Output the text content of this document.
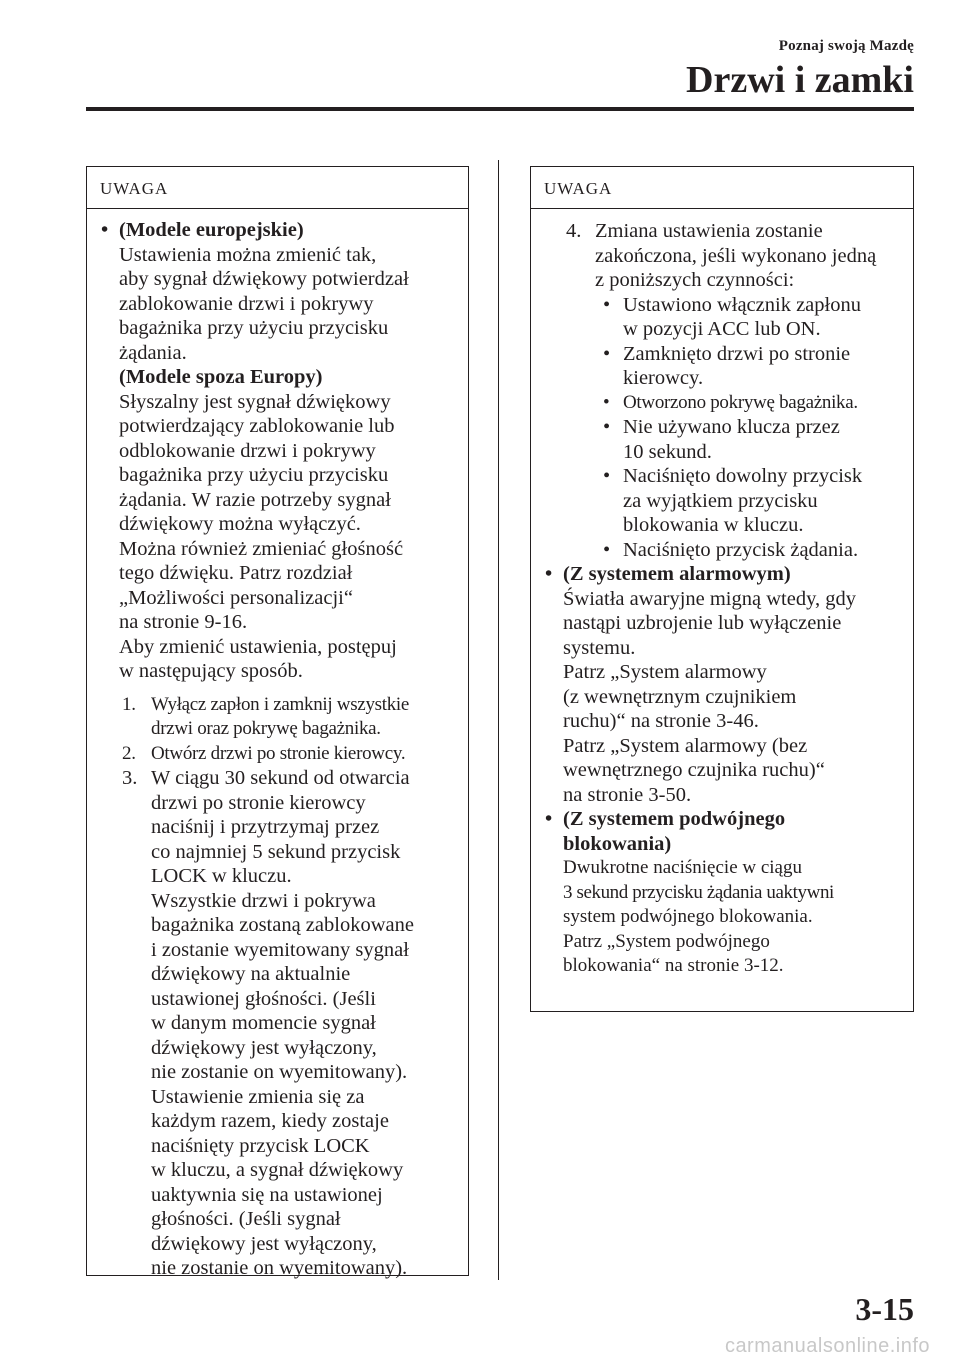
Poznaj swoją Mazdę
Drzwi i zamki
UWAGA
• (Modele europejskie)
Ustawienia można zmienić tak,
aby sygnał dźwiękowy potwierdzał
zablokowanie drzwi i pokrywy
bagażnika przy użyciu przycisku
żądania.
(Modele spoza Europy)
Słyszalny jest sygnał dźwiękowy
potwierdzający zablokowanie lub
odblokowanie drzwi i pokrywy
bagażnika przy użyciu przycisku
żądania. W razie potrzeby sygnał
dźwiękowy można wyłączyć.
Można również zmieniać głośność
tego dźwięku. Patrz rozdział
„Możliwości personalizacji“
na stronie 9-16.
Aby zmienić ustawienia, postępuj
w następujący sposób.
1. Wyłącz zapłon i zamknij wszystkie
drzwi oraz pokrywę bagażnika.
2. Otwórz drzwi po stronie kierowcy.
3. W ciągu 30 sekund od otwarcia
drzwi po stronie kierowcy
naciśnij i przytrzymaj przez
co najmniej 5 sekund przycisk
LOCK w kluczu.
Wszystkie drzwi i pokrywa
bagażnika zostaną zablokowane
i zostanie wyemitowany sygnał
dźwiękowy na aktualnie
ustawionej głośności. (Jeśli
w danym momencie sygnał
dźwiękowy jest wyłączony,
nie zostanie on wyemitowany).
Ustawienie zmienia się za
każdym razem, kiedy zostaje
naciśnięty przycisk LOCK
w kluczu, a sygnał dźwiękowy
uaktywnia się na ustawionej
głośności. (Jeśli sygnał
dźwiękowy jest wyłączony,
nie zostanie on wyemitowany).
UWAGA
4. Zmiana ustawienia zostanie
zakończona, jeśli wykonano jedną
z poniższych czynności:
• Ustawiono włącznik zapłonu
w pozycji ACC lub ON.
• Zamknięto drzwi po stronie
kierowcy.
• Otworzono pokrywę bagażnika.
• Nie używano klucza przez
10 sekund.
• Naciśnięto dowolny przycisk
za wyjątkiem przycisku
blokowania w kluczu.
• Naciśnięto przycisk żądania.
• (Z systemem alarmowym)
Światła awaryjne migną wtedy, gdy
nastąpi uzbrojenie lub wyłączenie
systemu.
Patrz „System alarmowy
(z wewnętrznym czujnikiem
ruchu)“ na stronie 3-46.
Patrz „System alarmowy (bez
wewnętrznego czujnika ruchu)“
na stronie 3-50.
• (Z systemem podwójnego
blokowania)
Dwukrotne naciśnięcie w ciągu
3 sekund przycisku żądania uaktywni
system podwójnego blokowania.
Patrz „System podwójnego
blokowania“ na stronie 3-12.
3-15
carmanualsonline.info
